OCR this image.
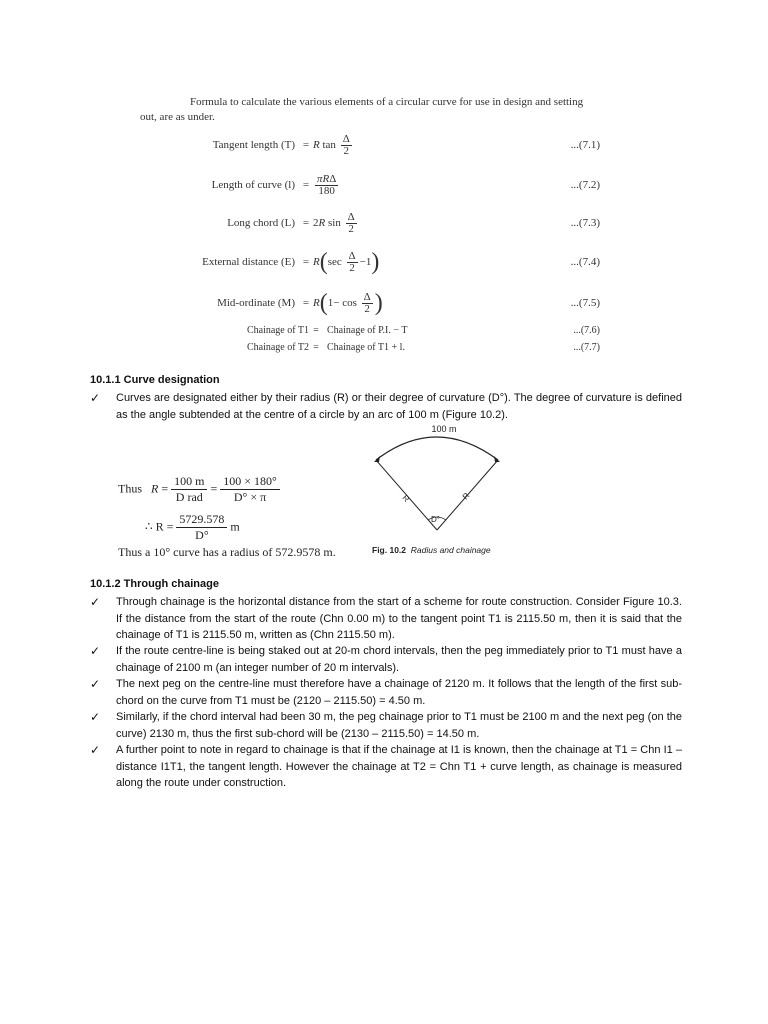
Formula to calculate the various elements of a circular curve for use in design and setting
out, are as under.
Tangent length (T) = R $\tan \frac{\Delta}{2}$	...(7.1)
Length of curve $(l) = \frac{\text{πRΔ}}{180}$	...(7.2)
Long chord (L) = 2 R $\sin \frac{\Delta}{2}$	...(7.3)
External distance (E) = R ( $\sec \frac{\Delta}{2} -1$ )	...(7.4)
Mid-ordinate (M) = R ( $1- \cos \frac{\Delta}{2}$ )	...(7.5)
Chainage of T1 = Chainage of P.I. − T	...(7.6)
Chainage of T2 = Chainage of T1 + l.	...(7.7)
10.1.1 Curve designation
✓	Curves are designated either by their radius (R) or their degree of curvature (D°). The degree of curvature is defined as the angle subtended at the centre of a circle by an arc of 100 m (Figure 10.2).
Thus R =
100 m
D rad
= $\frac{100 \times 180^\circ}{D^\circ \times \pi}$
∴ $R = \frac{5729.578}{D^\circ}$ m
Thus a 10° curve has a radius of 572.9578 m.
100 m
R	R
D°
Fig. 10.2 Radius and chainage
10.1.2 Through chainage
✓	Through chainage is the horizontal distance from the start of a scheme for route construction. Consider Figure 10.3. If the distance from the start of the route (Chn 0.00 m) to the tangent point T1 is 2115.50 m, then it is said that the chainage of T1 is 2115.50 m, written as (Chn 2115.50 m).
✓	If the route centre-line is being staked out at 20-m chord intervals, then the peg immediately prior to T1 must have a chainage of 2100 m (an integer number of 20 m intervals).
✓	The next peg on the centre-line must therefore have a chainage of 2120 m. It follows that the length of the first sub-chord on the curve from T1 must be (2120 – 2115.50) = 4.50 m.
✓	Similarly, if the chord interval had been 30 m, the peg chainage prior to T1 must be 2100 m and the next peg (on the curve) 2130 m, thus the first sub-chord will be (2130 – 2115.50) = 14.50 m.
✓	A further point to note in regard to chainage is that if the chainage at I1 is known, then the chainage at T1 = Chn I1 – distance I1T1, the tangent length. However the chainage at T2 = Chn T1 + curve length, as chainage is measured along the route under construction.
